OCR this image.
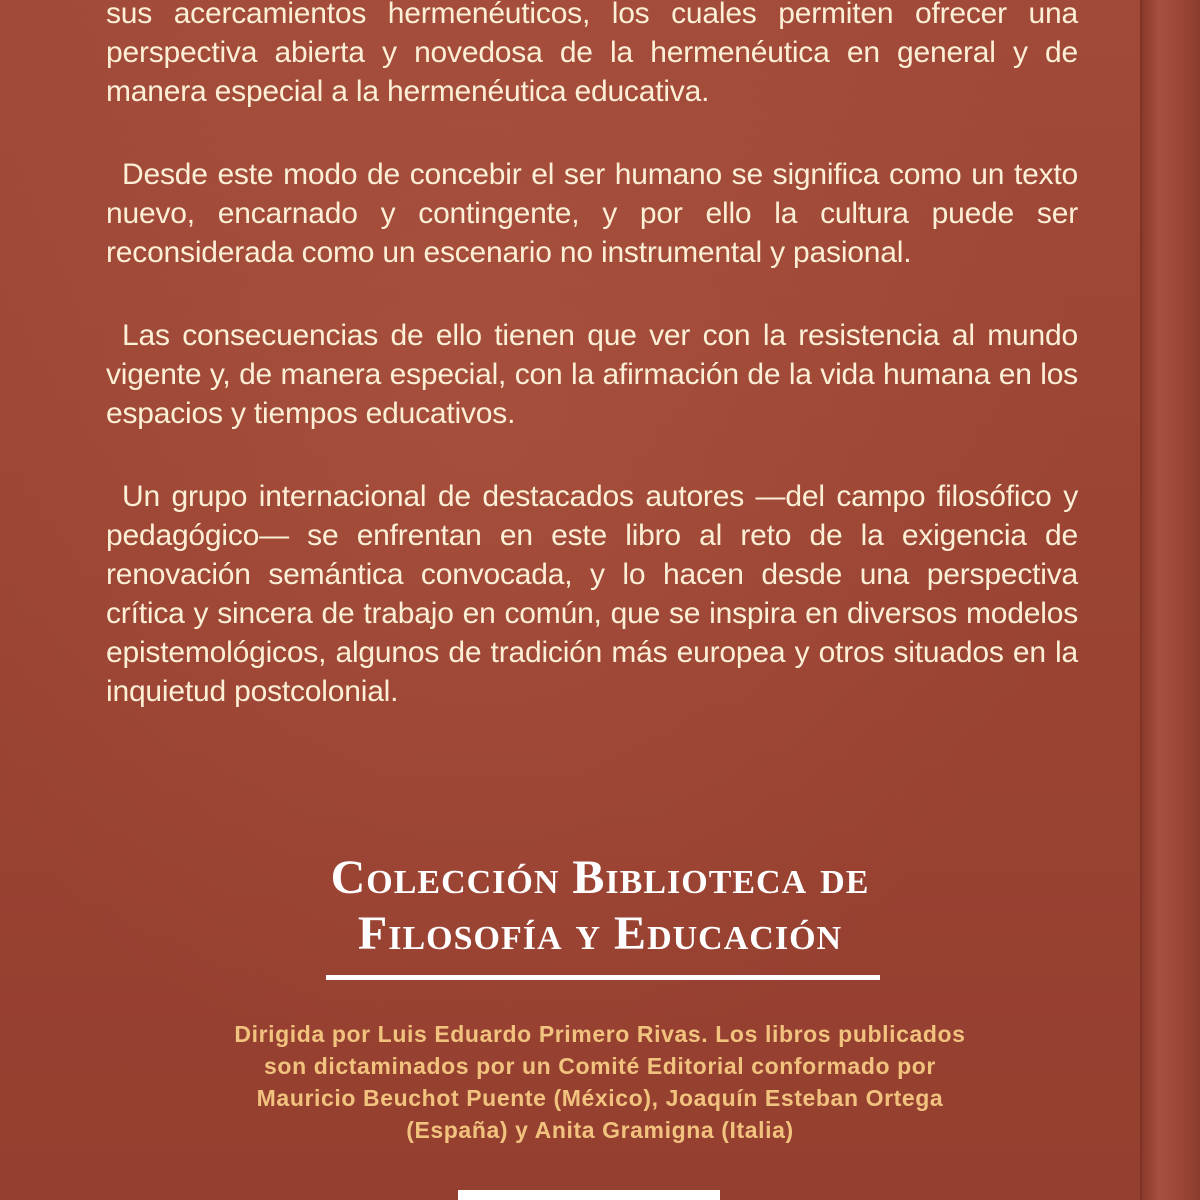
sus acercamientos hermenéuticos, los cuales permiten ofrecer una perspectiva abierta y novedosa de la hermenéutica en general y de manera especial a la hermenéutica educativa.

Desde este modo de concebir el ser humano se significa como un texto nuevo, encarnado y contingente, y por ello la cultura puede ser reconsiderada como un escenario no instrumental y pasional.

Las consecuencias de ello tienen que ver con la resistencia al mundo vigente y, de manera especial, con la afirmación de la vida humana en los espacios y tiempos educativos.

Un grupo internacional de destacados autores —del campo filosófico y pedagógico— se enfrentan en este libro al reto de la exigencia de renovación semántica convocada, y lo hacen desde una perspectiva crítica y sincera de trabajo en común, que se inspira en diversos modelos epistemológicos, algunos de tradición más europea y otros situados en la inquietud postcolonial.

Colección Biblioteca de
Filosofía y Educación
Dirigida por Luis Eduardo Primero Rivas. Los libros publicados
son dictaminados por un Comité Editorial conformado por
Mauricio Beuchot Puente (México), Joaquín Esteban Ortega
(España) y Anita Gramigna (Italia)
